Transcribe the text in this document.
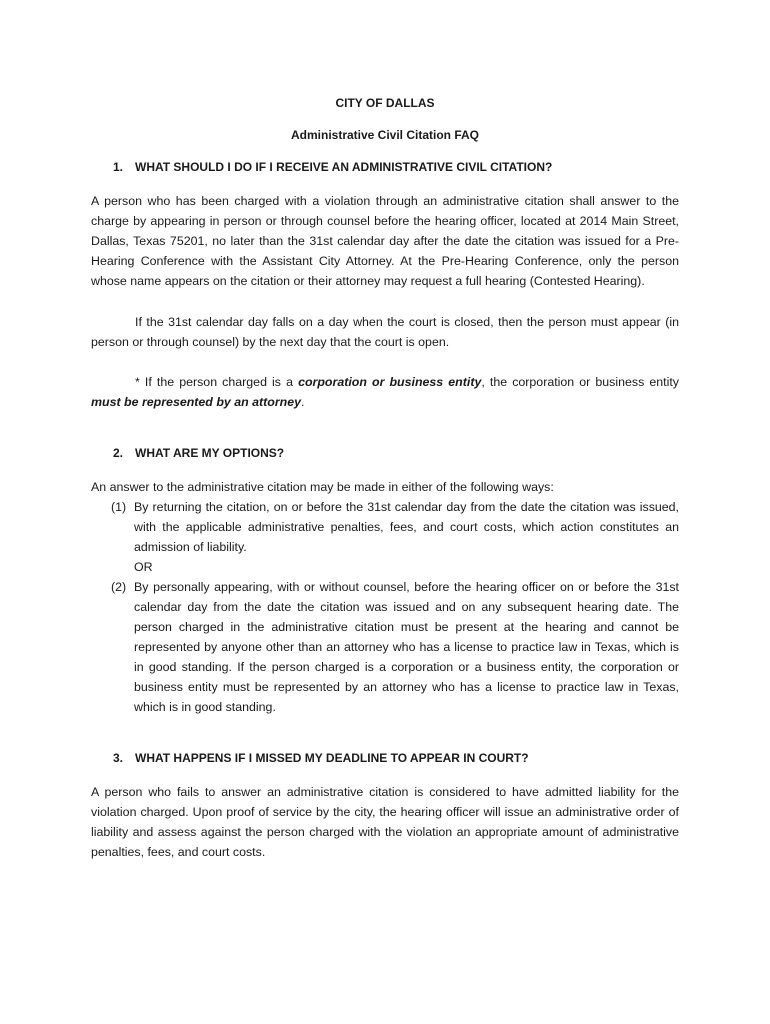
CITY OF DALLAS
Administrative Civil Citation FAQ
1. WHAT SHOULD I DO IF I RECEIVE AN ADMINISTRATIVE CIVIL CITATION?
A person who has been charged with a violation through an administrative citation shall answer to the charge by appearing in person or through counsel before the hearing officer, located at 2014 Main Street, Dallas, Texas 75201, no later than the 31st calendar day after the date the citation was issued for a Pre-Hearing Conference with the Assistant City Attorney. At the Pre-Hearing Conference, only the person whose name appears on the citation or their attorney may request a full hearing (Contested Hearing).
If the 31st calendar day falls on a day when the court is closed, then the person must appear (in person or through counsel) by the next day that the court is open.
* If the person charged is a corporation or business entity, the corporation or business entity must be represented by an attorney.
2. WHAT ARE MY OPTIONS?
An answer to the administrative citation may be made in either of the following ways:
(1) By returning the citation, on or before the 31st calendar day from the date the citation was issued, with the applicable administrative penalties, fees, and court costs, which action constitutes an admission of liability.
OR
(2) By personally appearing, with or without counsel, before the hearing officer on or before the 31st calendar day from the date the citation was issued and on any subsequent hearing date. The person charged in the administrative citation must be present at the hearing and cannot be represented by anyone other than an attorney who has a license to practice law in Texas, which is in good standing. If the person charged is a corporation or a business entity, the corporation or business entity must be represented by an attorney who has a license to practice law in Texas, which is in good standing.
3. WHAT HAPPENS IF I MISSED MY DEADLINE TO APPEAR IN COURT?
A person who fails to answer an administrative citation is considered to have admitted liability for the violation charged. Upon proof of service by the city, the hearing officer will issue an administrative order of liability and assess against the person charged with the violation an appropriate amount of administrative penalties, fees, and court costs.
